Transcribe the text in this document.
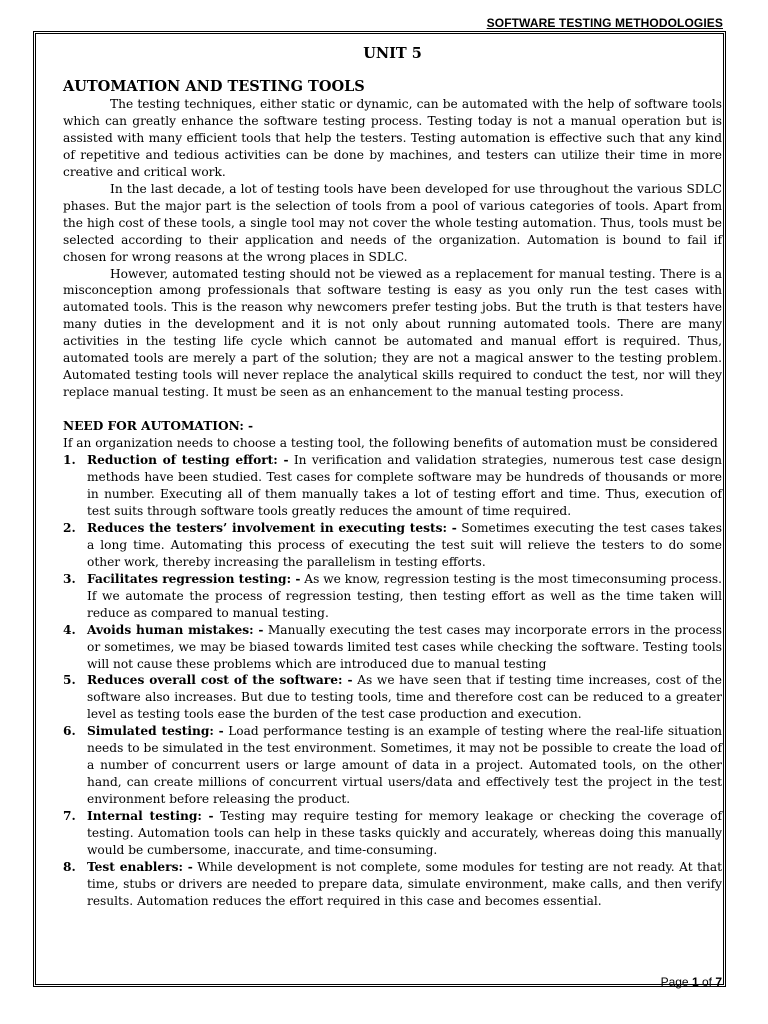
SOFTWARE TESTING METHODOLOGIES
UNIT 5
AUTOMATION AND TESTING TOOLS

The testing techniques, either static or dynamic, can be automated with the help of software tools which can greatly enhance the software testing process. Testing today is not a manual operation but is assisted with many efficient tools that help the testers. Testing automation is effective such that any kind of repetitive and tedious activities can be done by machines, and testers can utilize their time in more creative and critical work.

In the last decade, a lot of testing tools have been developed for use throughout the various SDLC phases. But the major part is the selection of tools from a pool of various categories of tools. Apart from the high cost of these tools, a single tool may not cover the whole testing automation. Thus, tools must be selected according to their application and needs of the organization. Automation is bound to fail if chosen for wrong reasons at the wrong places in SDLC.

However, automated testing should not be viewed as a replacement for manual testing. There is a misconception among professionals that software testing is easy as you only run the test cases with automated tools. This is the reason why newcomers prefer testing jobs. But the truth is that testers have many duties in the development and it is not only about running automated tools. There are many activities in the testing life cycle which cannot be automated and manual effort is required. Thus, automated tools are merely a part of the solution; they are not a magical answer to the testing problem. Automated testing tools will never replace the analytical skills required to conduct the test, nor will they replace manual testing. It must be seen as an enhancement to the manual testing process.

NEED FOR AUTOMATION: -

If an organization needs to choose a testing tool, the following benefits of automation must be considered

1. Reduction of testing effort: - In verification and validation strategies, numerous test case design methods have been studied. Test cases for complete software may be hundreds of thousands or more in number. Executing all of them manually takes a lot of testing effort and time. Thus, execution of test suits through software tools greatly reduces the amount of time required.
2. Reduces the testers’ involvement in executing tests: - Sometimes executing the test cases takes a long time. Automating this process of executing the test suit will relieve the testers to do some other work, thereby increasing the parallelism in testing efforts.
3. Facilitates regression testing: - As we know, regression testing is the most timeconsuming process. If we automate the process of regression testing, then testing effort as well as the time taken will reduce as compared to manual testing.
4. Avoids human mistakes: - Manually executing the test cases may incorporate errors in the process or sometimes, we may be biased towards limited test cases while checking the software. Testing tools will not cause these problems which are introduced due to manual testing
5. Reduces overall cost of the software: - As we have seen that if testing time increases, cost of the software also increases. But due to testing tools, time and therefore cost can be reduced to a greater level as testing tools ease the burden of the test case production and execution.
6. Simulated testing: - Load performance testing is an example of testing where the real-life situation needs to be simulated in the test environment. Sometimes, it may not be possible to create the load of a number of concurrent users or large amount of data in a project. Automated tools, on the other hand, can create millions of concurrent virtual users/data and effectively test the project in the test environment before releasing the product.
7. Internal testing: - Testing may require testing for memory leakage or checking the coverage of testing. Automation tools can help in these tasks quickly and accurately, whereas doing this manually would be cumbersome, inaccurate, and time-consuming.
8. Test enablers: - While development is not complete, some modules for testing are not ready. At that time, stubs or drivers are needed to prepare data, simulate environment, make calls, and then verify results. Automation reduces the effort required in this case and becomes essential.
Page 1 of 7
